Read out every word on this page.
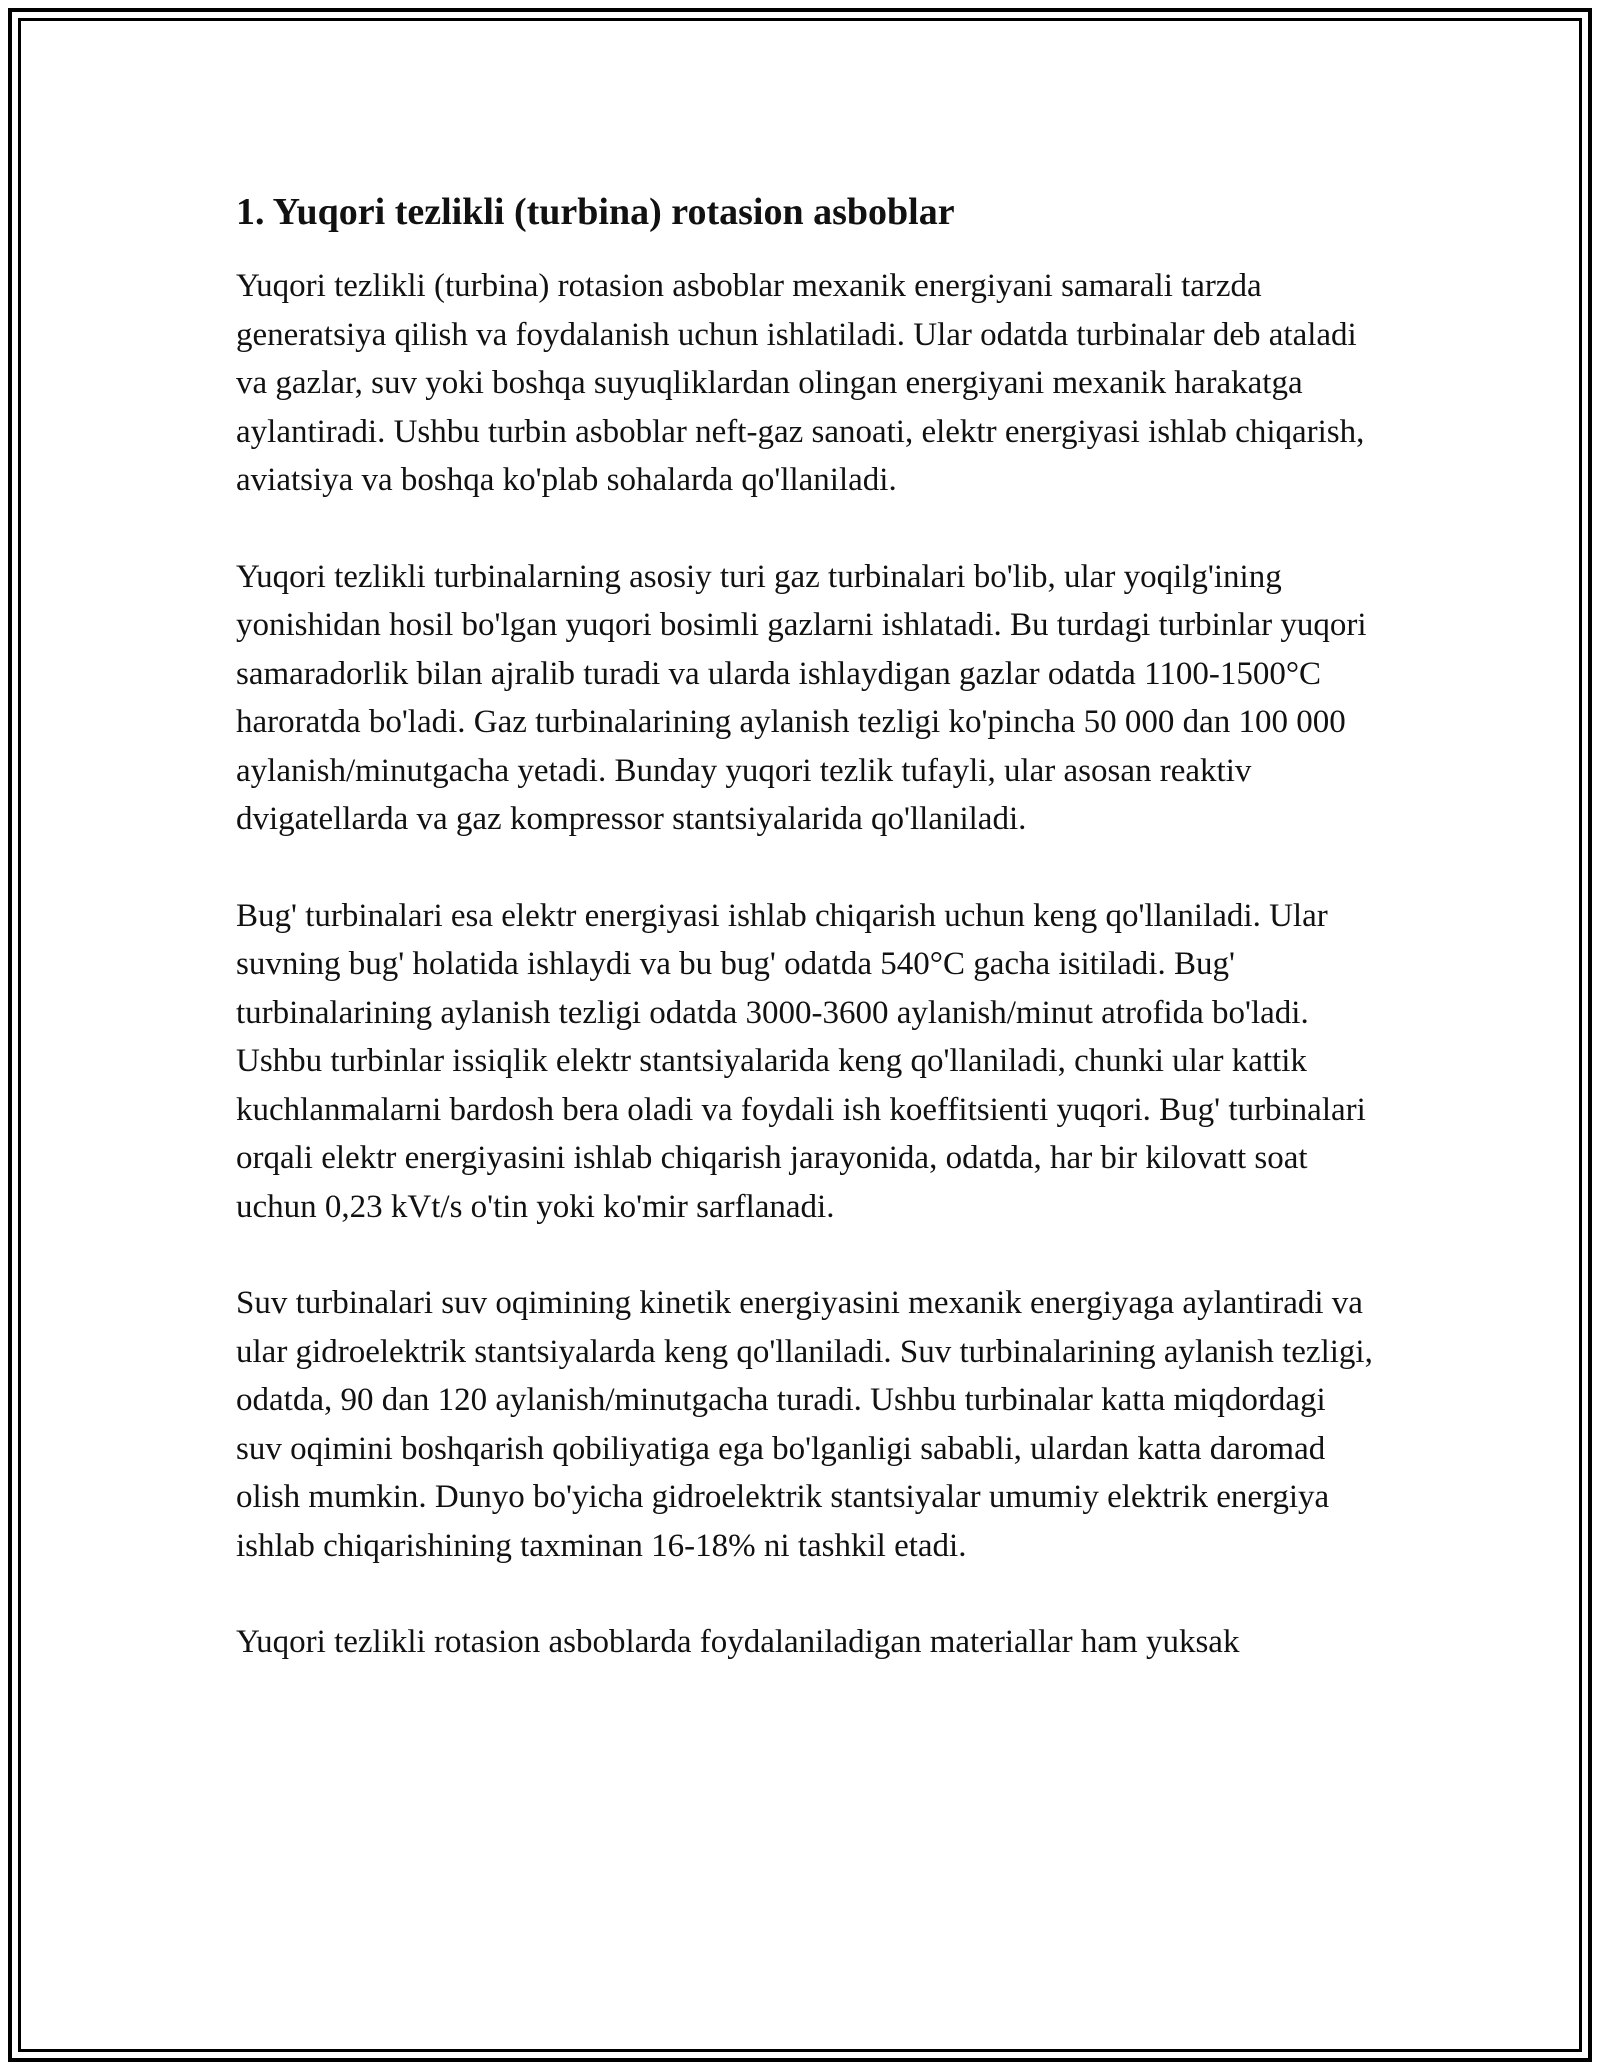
1. Yuqori tezlikli (turbina) rotasion asboblar

Yuqori tezlikli (turbina) rotasion asboblar mexanik energiyani samarali tarzda generatsiya qilish va foydalanish uchun ishlatiladi. Ular odatda turbinalar deb ataladi va gazlar, suv yoki boshqa suyuqliklardan olingan energiyani mexanik harakatga aylantiradi. Ushbu turbin asboblar neft-gaz sanoati, elektr energiyasi ishlab chiqarish, aviatsiya va boshqa ko'plab sohalarda qo'llaniladi.

Yuqori tezlikli turbinalarning asosiy turi gaz turbinalari bo'lib, ular yoqilg'ining yonishidan hosil bo'lgan yuqori bosimli gazlarni ishlatadi. Bu turdagi turbinlar yuqori samaradorlik bilan ajralib turadi va ularda ishlaydigan gazlar odatda 1100-1500°C haroratda bo'ladi. Gaz turbinalarining aylanish tezligi ko'pincha 50 000 dan 100 000 aylanish/minutgacha yetadi. Bunday yuqori tezlik tufayli, ular asosan reaktiv dvigatellarda va gaz kompressor stantsiyalarida qo'llaniladi.

Bug' turbinalari esa elektr energiyasi ishlab chiqarish uchun keng qo'llaniladi. Ular suvning bug' holatida ishlaydi va bu bug' odatda 540°C gacha isitiladi. Bug' turbinalarining aylanish tezligi odatda 3000-3600 aylanish/minut atrofida bo'ladi. Ushbu turbinlar issiqlik elektr stantsiyalarida keng qo'llaniladi, chunki ular kattik kuchlanmalarni bardosh bera oladi va foydali ish koeffitsienti yuqori. Bug' turbinalari orqali elektr energiyasini ishlab chiqarish jarayonida, odatda, har bir kilovatt soat uchun 0,23 kVt/s o'tin yoki ko'mir sarflanadi.

Suv turbinalari suv oqimining kinetik energiyasini mexanik energiyaga aylantiradi va ular gidroelektrik stantsiyalarda keng qo'llaniladi. Suv turbinalarining aylanish tezligi, odatda, 90 dan 120 aylanish/minutgacha turadi. Ushbu turbinalar katta miqdordagi suv oqimini boshqarish qobiliyatiga ega bo'lganligi sababli, ulardan katta daromad olish mumkin. Dunyo bo'yicha gidroelektrik stantsiyalar umumiy elektrik energiya ishlab chiqarishining taxminan 16-18% ni tashkil etadi.

Yuqori tezlikli rotasion asboblarda foydalaniladigan materiallar ham yuksak
